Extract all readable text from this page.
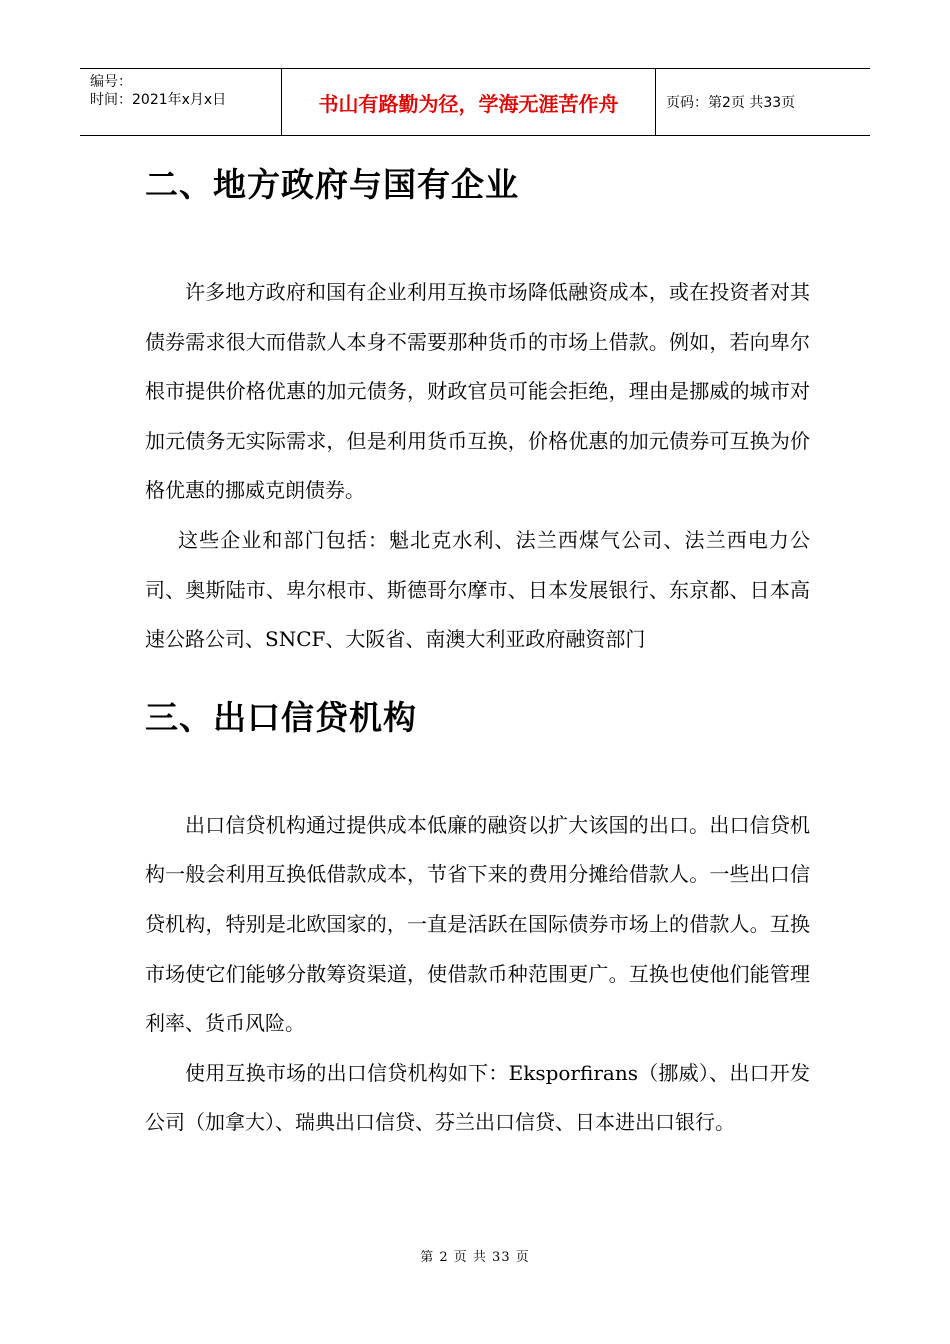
编号：
时间：2021年x月x日	书山有路勤为径，学海无涯苦作舟	页码：第2页 共33页
二、地方政府与国有企业

许多地方政府和国有企业利用互换市场降低融资成本，或在投资者对其债券需求很大而借款人本身不需要那种货币的市场上借款。例如，若向卑尔根市提供价格优惠的加元债务，财政官员可能会拒绝，理由是挪威的城市对加元债务无实际需求，但是利用货币互换，价格优惠的加元债券可互换为价格优惠的挪威克朗债券。

这些企业和部门包括：魁北克水利、法兰西煤气公司、法兰西电力公司、奥斯陆市、卑尔根市、斯德哥尔摩市、日本发展银行、东京都、日本高速公路公司、SNCF、大阪省、南澳大利亚政府融资部门

三、出口信贷机构

出口信贷机构通过提供成本低廉的融资以扩大该国的出口。出口信贷机构一般会利用互换低借款成本，节省下来的费用分摊给借款人。一些出口信贷机构，特别是北欧国家的，一直是活跃在国际债券市场上的借款人。互换市场使它们能够分散筹资渠道，使借款币种范围更广。互换也使他们能管理利率、货币风险。

使用互换市场的出口信贷机构如下：Eksporfirans（挪威）、出口开发公司（加拿大）、瑞典出口信贷、芬兰出口信贷、日本进出口银行。

第 2 页 共 33 页
